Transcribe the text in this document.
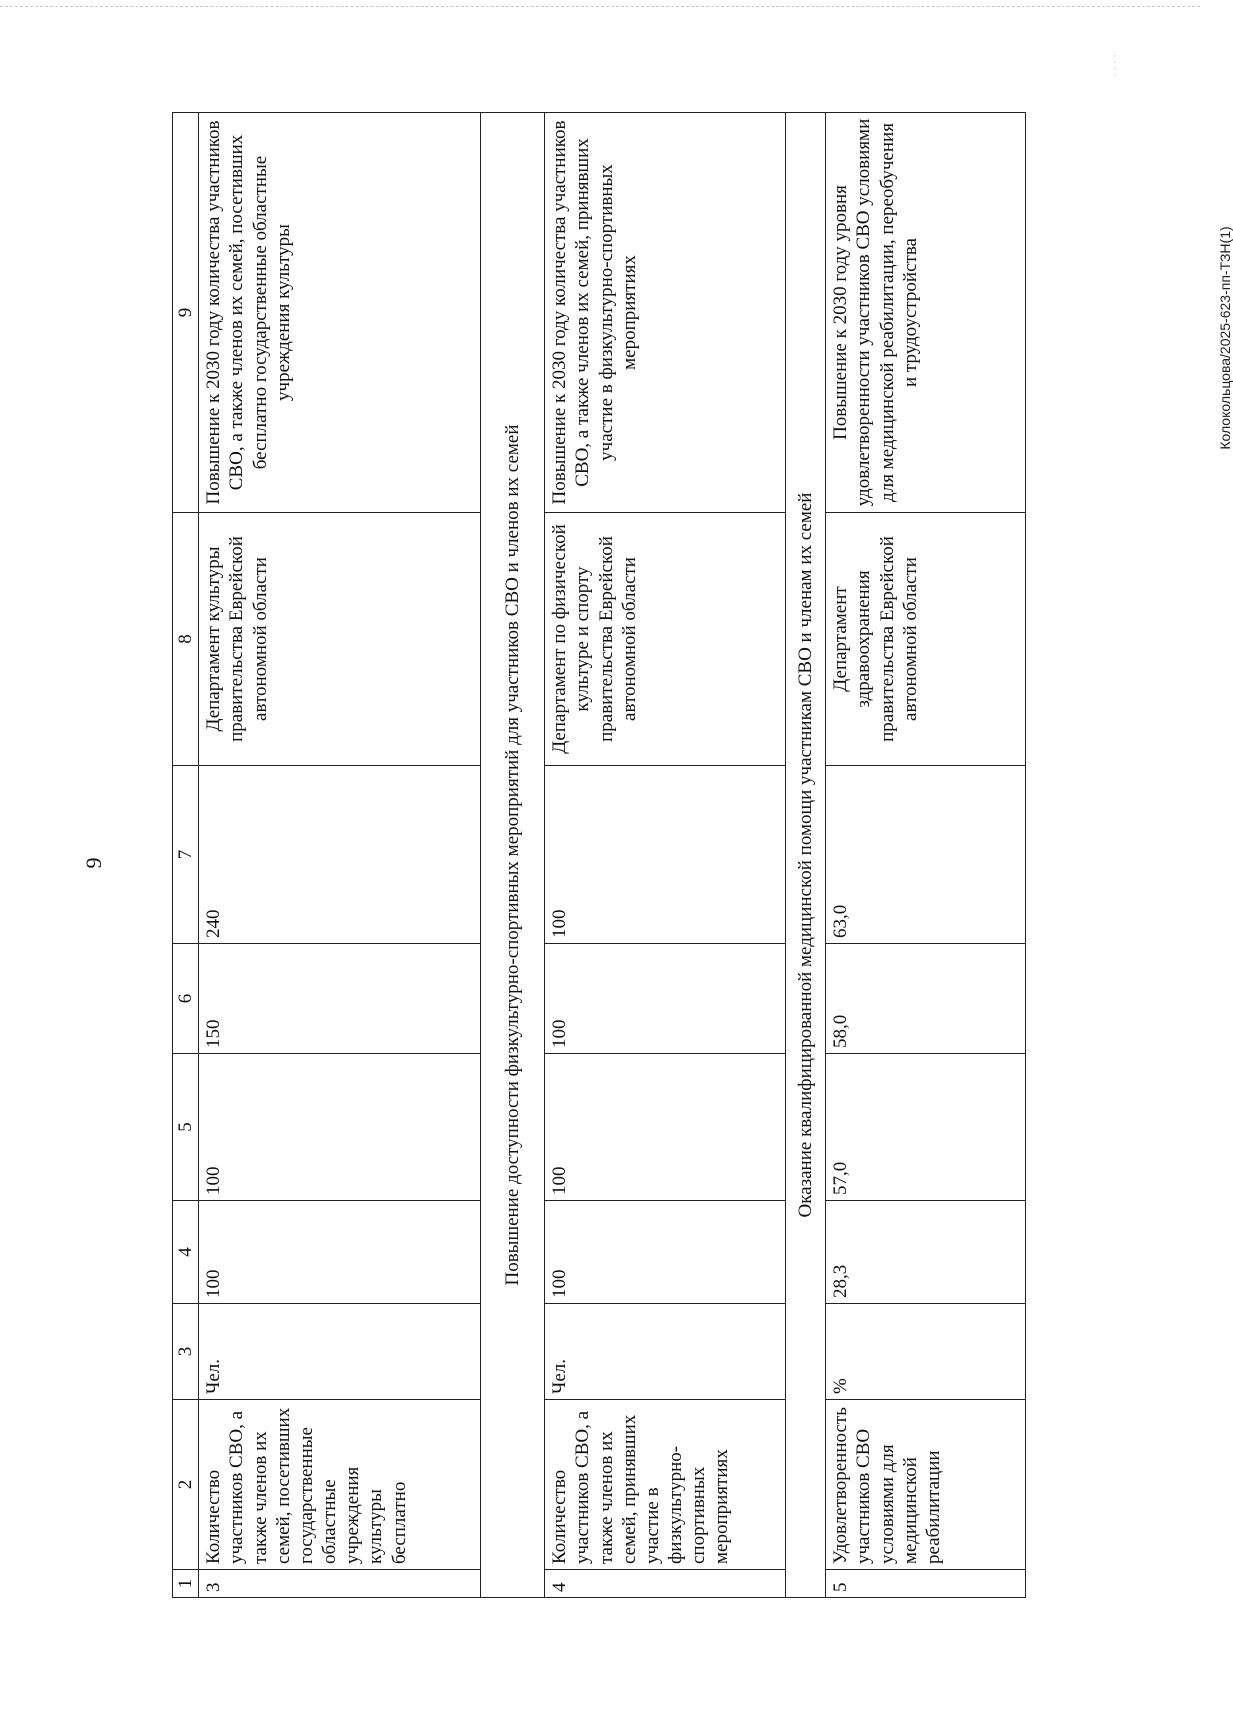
9
Колокольцова/2025-623-пп-ТЗН(1)
· · · ·
1	2	3	4	5	6	7	8	9
3	Количество участников СВО, а также членов их семей, посетивших государственные областные учреждения культуры бесплатно	Чел.	100	100	150	240	Департамент культуры правительства Еврейской автономной области	Повышение к 2030 году количества участников СВО, а также членов их семей, посетивших бесплатно государственные областные учреждения культуры
Повышение доступности физкультурно-спортивных мероприятий для участников СВО и членов их семей								
4	Количество участников СВО, а также членов их семей, принявших участие в физкультурно-спортивных мероприятиях	Чел.	100	100	100	100	Департамент по физической культуре и спорту правительства Еврейской автономной области	Повышение к 2030 году количества участников СВО, а также членов их семей, принявших участие в физкультурно-спортивных мероприятиях
Оказание квалифицированной медицинской помощи участникам СВО и членам их семей								
5	Удовлетворенность участников СВО условиями для медицинской реабилитации	%	28,3	57,0	58,0	63,0	Департамент здравоохранения правительства Еврейской автономной области	Повышение к 2030 году уровня удовлетворенности участников СВО условиями для медицинской реабилитации, переобучения и трудоустройства
